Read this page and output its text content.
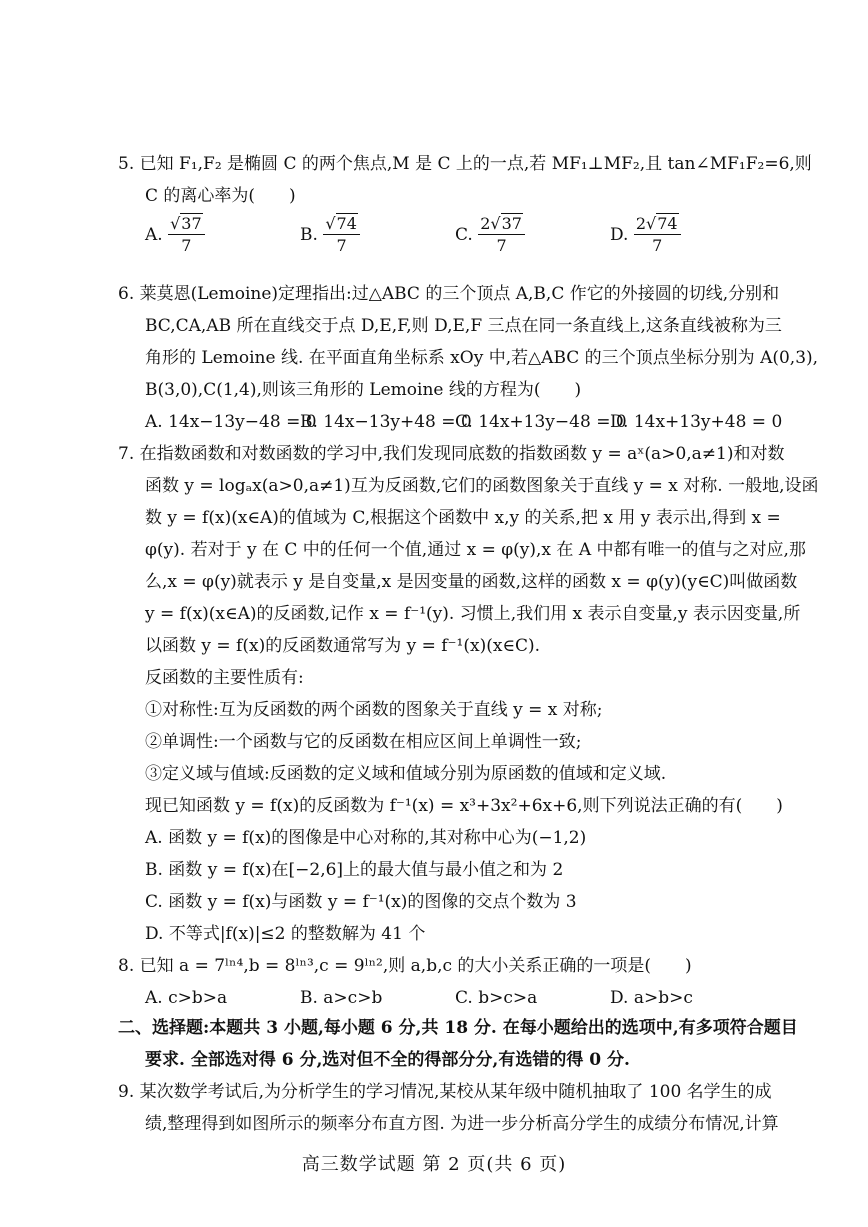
5. 已知 F₁,F₂ 是椭圆 C 的两个焦点,M 是 C 上的一点,若 MF₁⊥MF₂,且 tan∠MF₁F₂=6,则
C 的离心率为(　　)
A. $\frac{√37}{7}$	B. $\frac{√74}{7}$	C. $\frac{2√37}{7}$	D. $\frac{2√74}{7}$
6. 莱莫恩(Lemoine)定理指出:过△ABC 的三个顶点 A,B,C 作它的外接圆的切线,分别和
BC,CA,AB 所在直线交于点 D,E,F,则 D,E,F 三点在同一条直线上,这条直线被称为三
角形的 Lemoine 线. 在平面直角坐标系 xOy 中,若△ABC 的三个顶点坐标分别为 A(0,3),
B(3,0),C(1,4),则该三角形的 Lemoine 线的方程为(　　)
A. 14x−13y−48 = 0
B. 14x−13y+48 = 0
C. 14x+13y−48 = 0
D. 14x+13y+48 = 0
7. 在指数函数和对数函数的学习中,我们发现同底数的指数函数 y = aˣ(a>0,a≠1)和对数
函数 y = logₐx(a>0,a≠1)互为反函数,它们的函数图象关于直线 y = x 对称. 一般地,设函
数 y = f(x)(x∈A)的值域为 C,根据这个函数中 x,y 的关系,把 x 用 y 表示出,得到 x =
φ(y). 若对于 y 在 C 中的任何一个值,通过 x = φ(y),x 在 A 中都有唯一的值与之对应,那
么,x = φ(y)就表示 y 是自变量,x 是因变量的函数,这样的函数 x = φ(y)(y∈C)叫做函数
y = f(x)(x∈A)的反函数,记作 x = f⁻¹(y). 习惯上,我们用 x 表示自变量,y 表示因变量,所
以函数 y = f(x)的反函数通常写为 y = f⁻¹(x)(x∈C).
反函数的主要性质有:
①对称性:互为反函数的两个函数的图象关于直线 y = x 对称;
②单调性:一个函数与它的反函数在相应区间上单调性一致;
③定义域与值域:反函数的定义域和值域分别为原函数的值域和定义域.
现已知函数 y = f(x)的反函数为 f⁻¹(x) = x³+3x²+6x+6,则下列说法正确的有(　　)
A. 函数 y = f(x)的图像是中心对称的,其对称中心为(−1,2)
B. 函数 y = f(x)在[−2,6]上的最大值与最小值之和为 2
C. 函数 y = f(x)与函数 y = f⁻¹(x)的图像的交点个数为 3
D. 不等式|f(x)|≤2 的整数解为 41 个
8. 已知 a = 7ˡⁿ⁴,b = 8ˡⁿ³,c = 9ˡⁿ²,则 a,b,c 的大小关系正确的一项是(　　)
A. c>b>a	B. a>c>b	C. b>c>a	D. a>b>c
二、选择题:本题共 3 小题,每小题 6 分,共 18 分. 在每小题给出的选项中,有多项符合题目
要求. 全部选对得 6 分,选对但不全的得部分分,有选错的得 0 分.
9. 某次数学考试后,为分析学生的学习情况,某校从某年级中随机抽取了 100 名学生的成
绩,整理得到如图所示的频率分布直方图. 为进一步分析高分学生的成绩分布情况,计算
高三数学试题 第 2 页(共 6 页)
